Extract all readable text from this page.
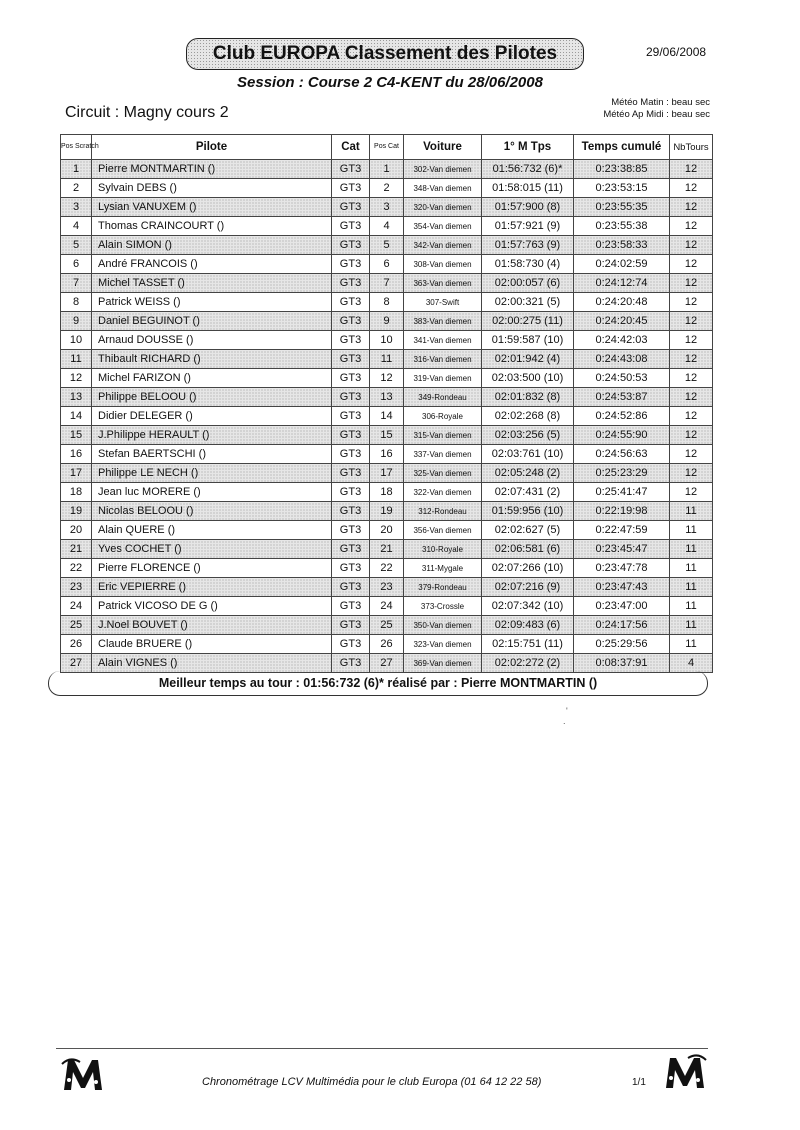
29/06/2008
Club EUROPA Classement des Pilotes
Session : Course 2 C4-KENT du 28/06/2008
Circuit : Magny cours 2
Météo Matin : beau sec
Météo Ap Midi : beau sec
Pos Scratch	Pilote	Cat	Pos Cat	Voiture	1° M Tps	Temps cumulé	NbTours
1	Pierre MONTMARTIN ()	GT3	1	302-Van diemen	01:56:732 (6)*	0:23:38:85	12
2	Sylvain DEBS ()	GT3	2	348-Van diemen	01:58:015 (11)	0:23:53:15	12
3	Lysian VANUXEM ()	GT3	3	320-Van diemen	01:57:900 (8)	0:23:55:35	12
4	Thomas CRAINCOURT ()	GT3	4	354-Van diemen	01:57:921 (9)	0:23:55:38	12
5	Alain SIMON ()	GT3	5	342-Van diemen	01:57:763 (9)	0:23:58:33	12
6	André FRANCOIS ()	GT3	6	308-Van diemen	01:58:730 (4)	0:24:02:59	12
7	Michel TASSET ()	GT3	7	363-Van diemen	02:00:057 (6)	0:24:12:74	12
8	Patrick WEISS ()	GT3	8	307-Swift	02:00:321 (5)	0:24:20:48	12
9	Daniel BEGUINOT ()	GT3	9	383-Van diemen	02:00:275 (11)	0:24:20:45	12
10	Arnaud DOUSSE ()	GT3	10	341-Van diemen	01:59:587 (10)	0:24:42:03	12
11	Thibault RICHARD ()	GT3	11	316-Van diemen	02:01:942 (4)	0:24:43:08	12
12	Michel FARIZON ()	GT3	12	319-Van diemen	02:03:500 (10)	0:24:50:53	12
13	Philippe BELOOU ()	GT3	13	349-Rondeau	02:01:832 (8)	0:24:53:87	12
14	Didier DELEGER ()	GT3	14	306-Royale	02:02:268 (8)	0:24:52:86	12
15	J.Philippe HERAULT ()	GT3	15	315-Van diemen	02:03:256 (5)	0:24:55:90	12
16	Stefan BAERTSCHI ()	GT3	16	337-Van diemen	02:03:761 (10)	0:24:56:63	12
17	Philippe LE NECH ()	GT3	17	325-Van diemen	02:05:248 (2)	0:25:23:29	12
18	Jean luc MORERE ()	GT3	18	322-Van diemen	02:07:431 (2)	0:25:41:47	12
19	Nicolas BELOOU ()	GT3	19	312-Rondeau	01:59:956 (10)	0:22:19:98	11
20	Alain QUERE ()	GT3	20	356-Van diemen	02:02:627 (5)	0:22:47:59	11
21	Yves COCHET ()	GT3	21	310-Royale	02:06:581 (6)	0:23:45:47	11
22	Pierre FLORENCE ()	GT3	22	311-Mygale	02:07:266 (10)	0:23:47:78	11
23	Eric VEPIERRE ()	GT3	23	379-Rondeau	02:07:216 (9)	0:23:47:43	11
24	Patrick VICOSO DE G ()	GT3	24	373-Crossle	02:07:342 (10)	0:23:47:00	11
25	J.Noel BOUVET ()	GT3	25	350-Van diemen	02:09:483 (6)	0:24:17:56	11
26	Claude BRUERE ()	GT3	26	323-Van diemen	02:15:751 (11)	0:25:29:56	11
27	Alain VIGNES ()	GT3	27	369-Van diemen	02:02:272 (2)	0:08:37:91	4
Meilleur temps au tour : 01:56:732 (6)* réalisé par : Pierre MONTMARTIN ()
'
.
Chronométrage LCV Multimédia pour le club Europa (01 64 12 22 58)	1/1
